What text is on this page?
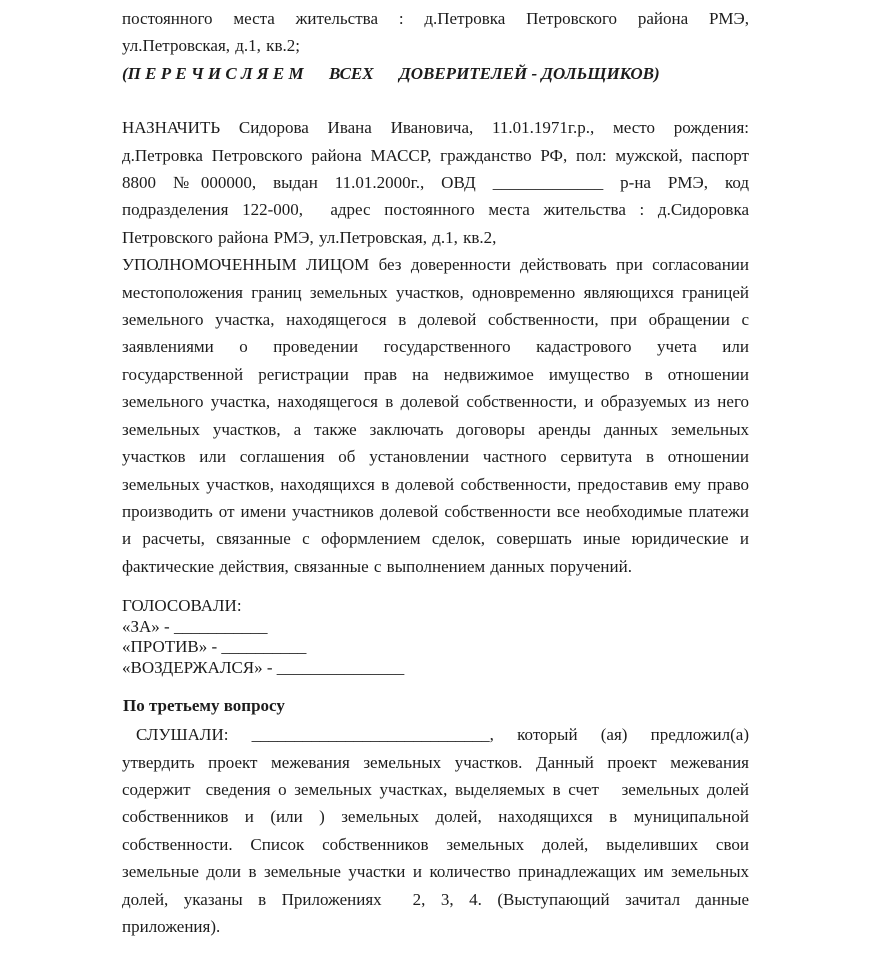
постоянного места жительства : д.Петровка Петровского района РМЭ, ул.Петровская, д.1, кв.2;

(П Е Р Е Ч И С Л Я Е М      ВСЕХ      ДОВЕРИТЕЛЕЙ - ДОЛЬЩИКОВ)

НАЗНАЧИТЬ Сидорова Ивана Ивановича, 11.01.1971г.р., место рождения: д.Петровка Петровского района МАССР, гражданство РФ, пол: мужской, паспорт 8800 №000000, выдан 11.01.2000г., ОВД _____________ р-на РМЭ, код подразделения 122-000,  адрес постоянного места жительства : д.Сидоровка Петровского района РМЭ, ул.Петровская, д.1, кв.2,

УПОЛНОМОЧЕННЫМ ЛИЦОМ без доверенности действовать при согласовании местоположения границ земельных участков, одновременно являющихся границей земельного участка, находящегося в долевой собственности, при обращении с заявлениями о проведении государственного кадастрового учета или государственной регистрации прав на недвижимое имущество в отношении земельного участка, находящегося в долевой собственности, и образуемых из него земельных участков, а также заключать договоры аренды данных земельных участков или соглашения об установлении частного сервитута в отношении  земельных участков, находящихся в долевой собственности, предоставив ему право производить от имени участников долевой собственности все необходимые платежи и расчеты, связанные с оформлением сделок, совершать иные юридические и фактические действия, связанные с выполнением данных поручений.

ГОЛОСОВАЛИ:
«ЗА» - ___________
«ПРОТИВ» - __________
«ВОЗДЕРЖАЛСЯ» - _______________
По третьему вопросу

СЛУШАЛИ: ____________________________, который (ая) предложил(а) утвердить проект межевания земельных участков. Данный проект межевания содержит  сведения о земельных участках, выделяемых в счет   земельных долей собственников и (или ) земельных долей, находящихся в муниципальной собственности. Список собственников земельных долей, выделивших свои земельные доли в земельные участки и количество принадлежащих им земельных долей, указаны в Приложениях  2, 3, 4. (Выступающий зачитал данные приложения).
